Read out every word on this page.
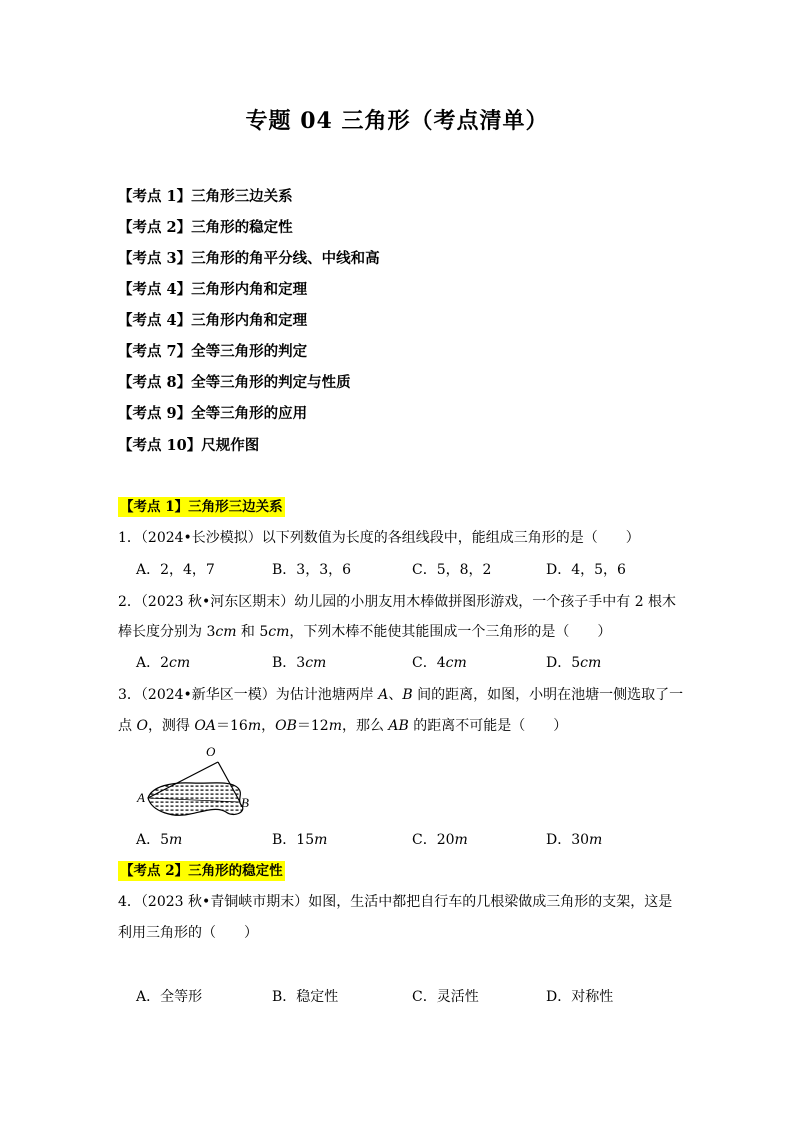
专题 04 三角形（考点清单）
【考点 1】三角形三边关系
【考点 2】三角形的稳定性
【考点 3】三角形的角平分线、中线和高
【考点 4】三角形内角和定理
【考点 4】三角形内角和定理
【考点 7】全等三角形的判定
【考点 8】全等三角形的判定与性质
【考点 9】全等三角形的应用
【考点 10】尺规作图
【考点 1】三角形三边关系
1．（2024•长沙模拟）以下列数值为长度的各组线段中，能组成三角形的是（　　）
A．2，4，7	B．3，3，6	C．5，8，2	D．4，5，6
2．（2023 秋•河东区期末）幼儿园的小朋友用木棒做拼图形游戏，一个孩子手中有 2 根木
棒长度分别为 3cm 和 5cm，下列木棒不能使其能围成一个三角形的是（　　）
A．2cm	B．3cm	C．4cm	D．5cm
3．（2024•新华区一模）为估计池塘两岸 A、B 间的距离，如图，小明在池塘一侧选取了一
点 O，测得 OA＝16m，OB＝12m，那么 AB 的距离不可能是（　　）
O
A	B
A．5m	B．15m	C．20m	D．30m
【考点 2】三角形的稳定性
4．（2023 秋•青铜峡市期末）如图，生活中都把自行车的几根梁做成三角形的支架，这是
利用三角形的（　　）
A．全等形	B．稳定性	C．灵活性	D．对称性
